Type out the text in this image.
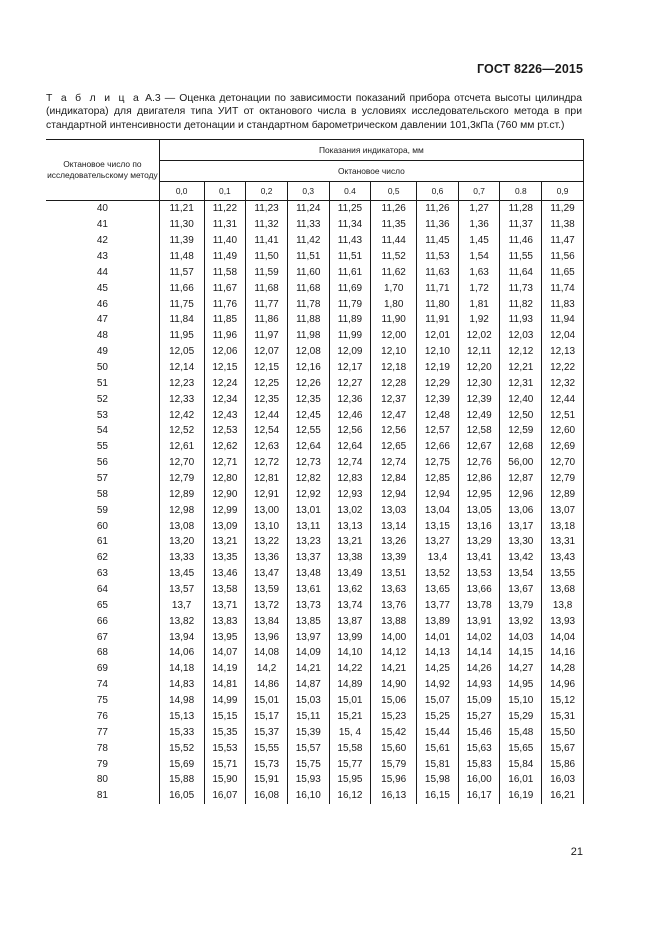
ГОСТ 8226—2015
Т а б л и ц а А.3 — Оценка детонации по зависимости показаний прибора отсчета высоты цилиндра (индикатора) для двигателя типа УИТ от октанового числа в условиях исследовательского метода в при стандартной интенсивности детонации и стандартном барометрическом давлении 101,3кПа (760 мм рт.ст.)
Октановое число по исследовательскому методу	Показания индикатора, мм									
	Октановое число									
	0,0	0,1	0,2	0,3	0.4	0,5	0,6	0,7	0.8	0,9
40	11,21	11,22	11,23	11,24	11,25	11,26	11,26	1,27	11,28	11,29
41	11,30	11,31	11,32	11,33	11,34	11,35	11,36	1,36	11,37	11,38
42	11,39	11,40	11,41	11,42	11,43	11,44	11,45	1,45	11,46	11,47
43	11,48	11,49	11,50	11,51	11,51	11,52	11,53	1,54	11,55	11,56
44	11,57	11,58	11,59	11,60	11,61	11,62	11,63	1,63	11,64	11,65
45	11,66	11,67	11,68	11,68	11,69	1,70	11,71	1,72	11,73	11,74
46	11,75	11,76	11,77	11,78	11,79	1,80	11,80	1,81	11,82	11,83
47	11,84	11,85	11,86	11,88	11,89	11,90	11,91	1,92	11,93	11,94
48	11,95	11,96	11,97	11,98	11,99	12,00	12,01	12,02	12,03	12,04
49	12,05	12,06	12,07	12,08	12,09	12,10	12,10	12,11	12,12	12,13
50	12,14	12,15	12,15	12,16	12,17	12,18	12,19	12,20	12,21	12,22
51	12,23	12,24	12,25	12,26	12,27	12,28	12,29	12,30	12,31	12,32
52	12,33	12,34	12,35	12,35	12,36	12,37	12,39	12,39	12,40	12,44
53	12,42	12,43	12,44	12,45	12,46	12,47	12,48	12,49	12,50	12,51
54	12,52	12,53	12,54	12,55	12,56	12,56	12,57	12,58	12,59	12,60
55	12,61	12,62	12,63	12,64	12,64	12,65	12,66	12,67	12,68	12,69
56	12,70	12,71	12,72	12,73	12,74	12,74	12,75	12,76	56,00	12,70
57	12,79	12,80	12,81	12,82	12,83	12,84	12,85	12,86	12,87	12,79
58	12,89	12,90	12,91	12,92	12,93	12,94	12,94	12,95	12,96	12,89
59	12,98	12,99	13,00	13,01	13,02	13,03	13,04	13,05	13,06	13,07
60	13,08	13,09	13,10	13,11	13,13	13,14	13,15	13,16	13,17	13,18
61	13,20	13,21	13,22	13,23	13,21	13,26	13,27	13,29	13,30	13,31
62	13,33	13,35	13,36	13,37	13,38	13,39	13,4	13,41	13,42	13,43
63	13,45	13,46	13,47	13,48	13,49	13,51	13,52	13,53	13,54	13,55
64	13,57	13,58	13,59	13,61	13,62	13,63	13,65	13,66	13,67	13,68
65	13,7	13,71	13,72	13,73	13,74	13,76	13,77	13,78	13,79	13,8
66	13,82	13,83	13,84	13,85	13,87	13,88	13,89	13,91	13,92	13,93
67	13,94	13,95	13,96	13,97	13,99	14,00	14,01	14,02	14,03	14,04
68	14,06	14,07	14,08	14,09	14,10	14,12	14,13	14,14	14,15	14,16
69	14,18	14,19	14,2	14,21	14,22	14,21	14,25	14,26	14,27	14,28
74	14,83	14,81	14,86	14,87	14,89	14,90	14,92	14,93	14,95	14,96
75	14,98	14,99	15,01	15,03	15,01	15,06	15,07	15,09	15,10	15,12
76	15,13	15,15	15,17	15,11	15,21	15,23	15,25	15,27	15,29	15,31
77	15,33	15,35	15,37	15,39	15, 4	15,42	15,44	15,46	15,48	15,50
78	15,52	15,53	15,55	15,57	15,58	15,60	15,61	15,63	15,65	15,67
79	15,69	15,71	15,73	15,75	15,77	15,79	15,81	15,83	15,84	15,86
80	15,88	15,90	15,91	15,93	15,95	15,96	15,98	16,00	16,01	16,03
81	16,05	16,07	16,08	16,10	16,12	16,13	16,15	16,17	16,19	16,21
21
